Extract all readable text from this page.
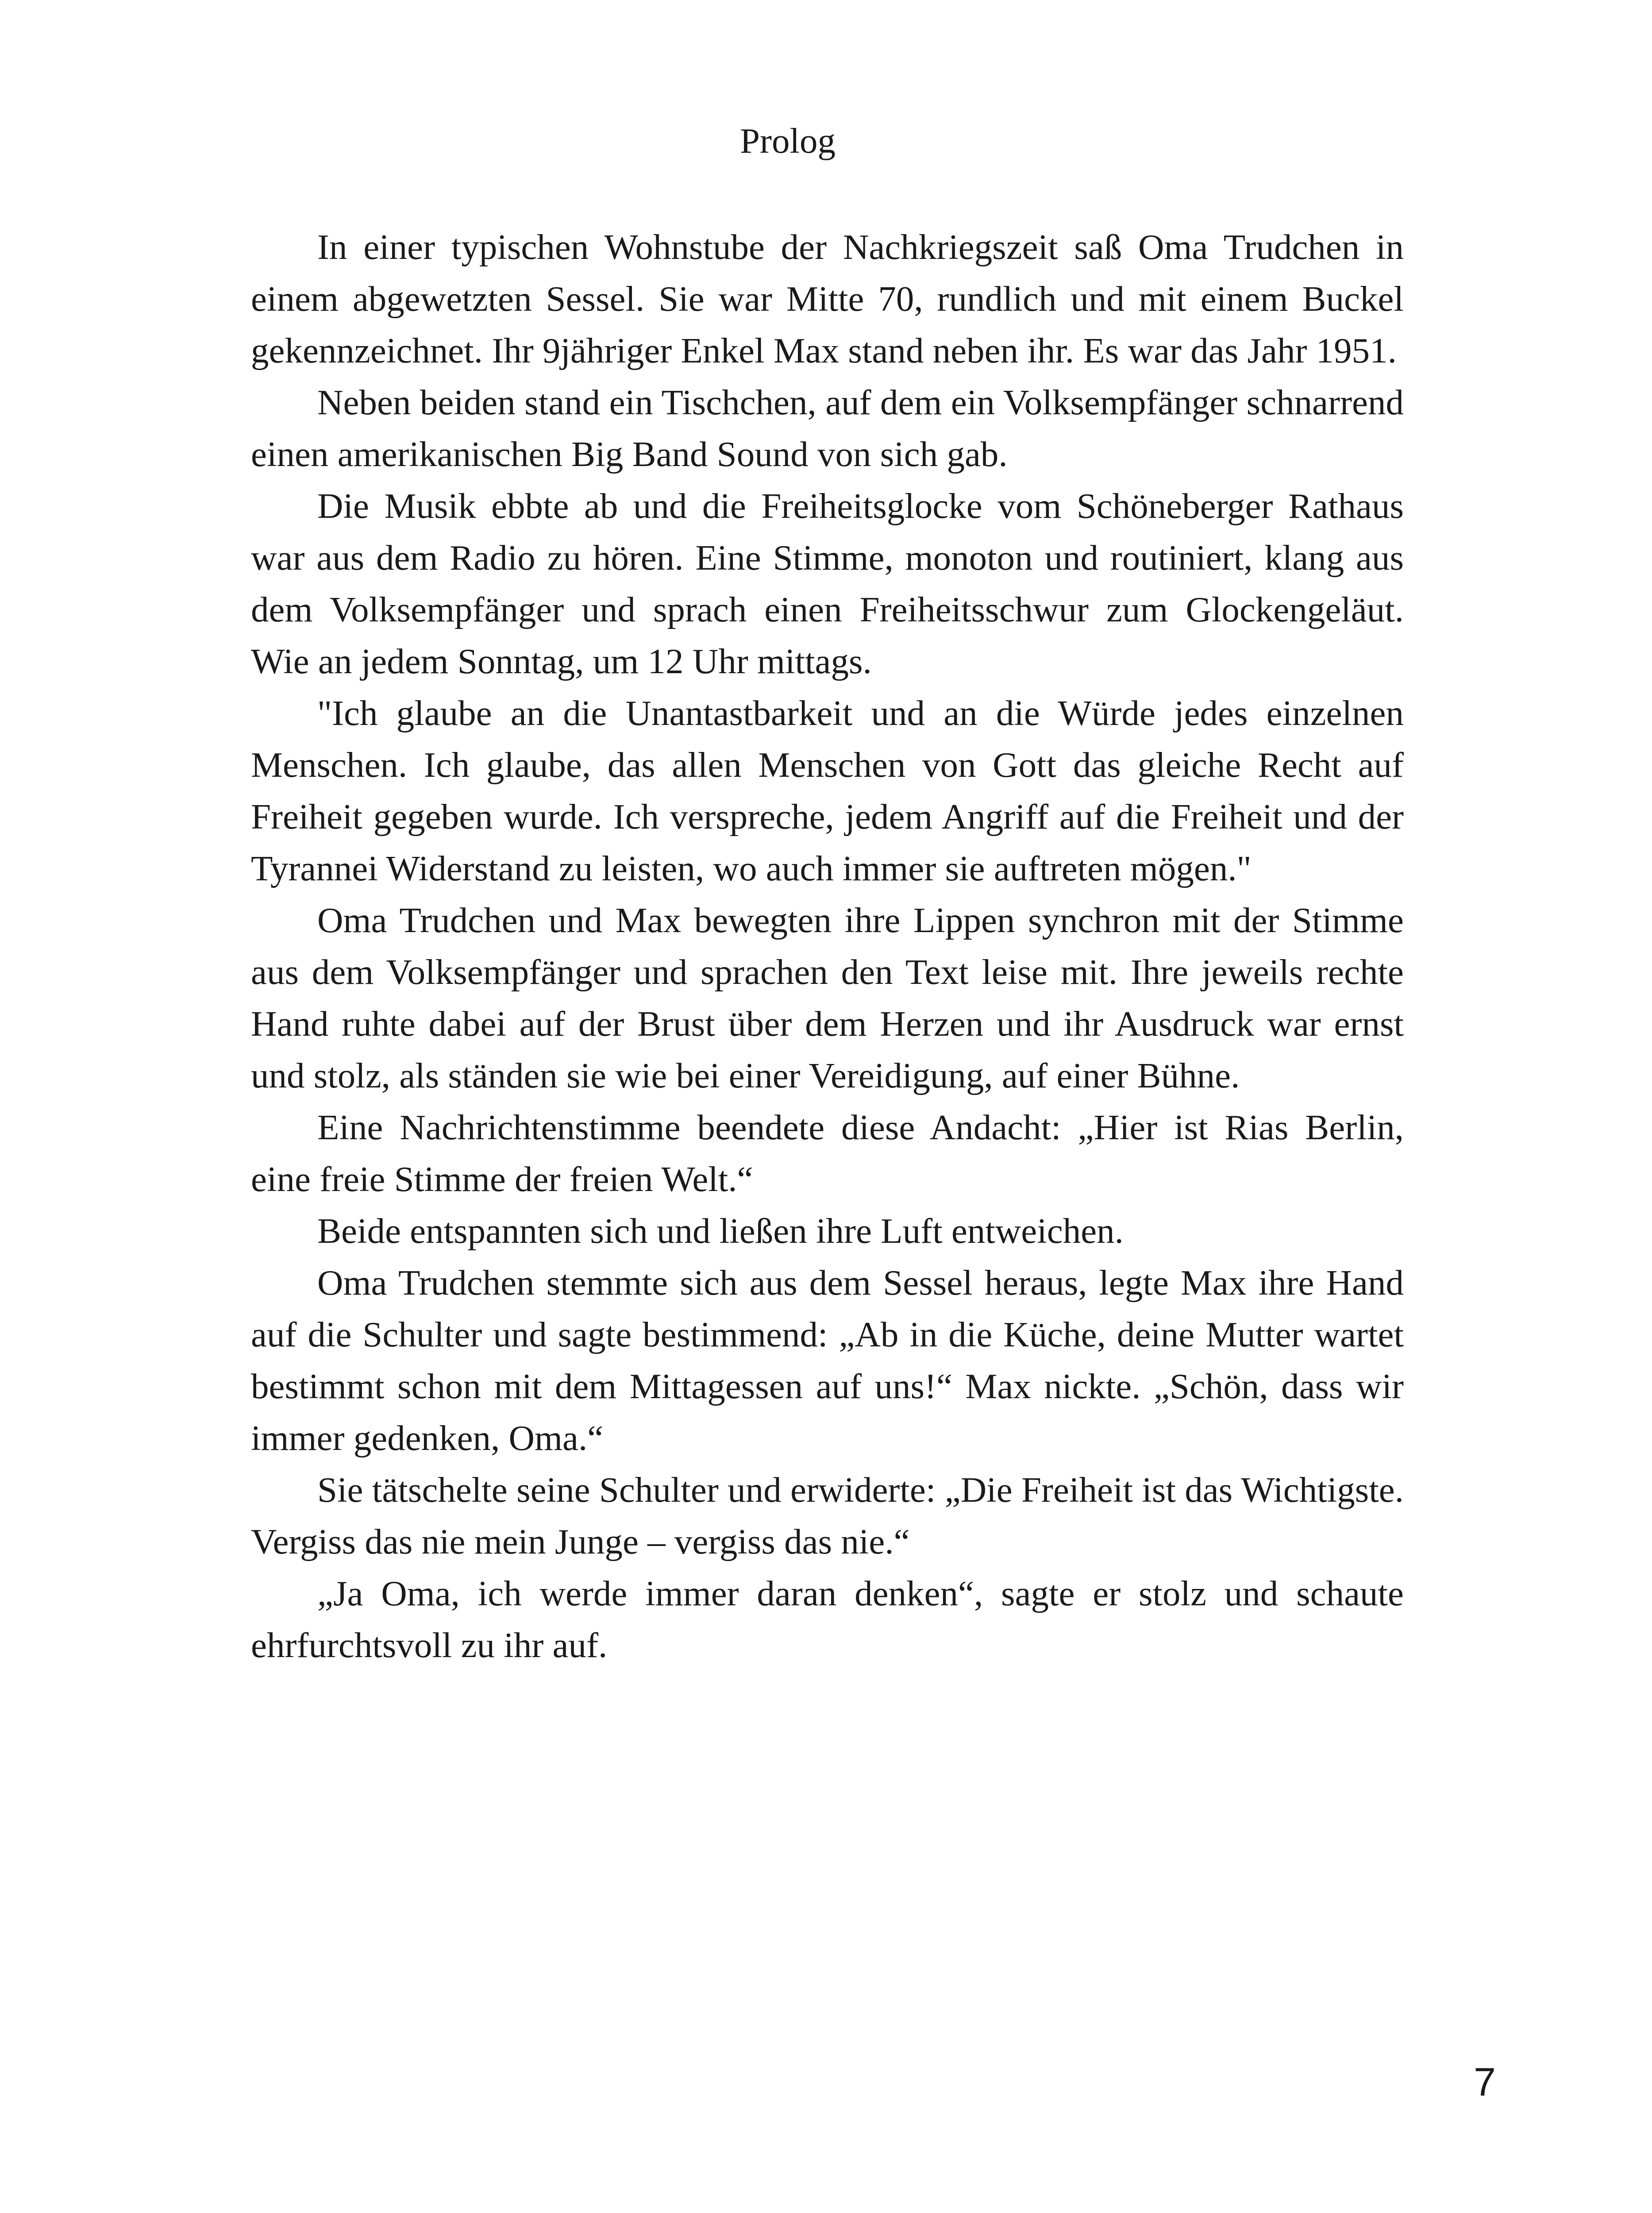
Prolog

In einer typischen Wohnstube der Nachkriegszeit saß Oma Trudchen in einem abgewetzten Sessel. Sie war Mitte 70, rundlich und mit einem Buckel gekennzeichnet. Ihr 9jähriger Enkel Max stand neben ihr. Es war das Jahr 1951.

Neben beiden stand ein Tischchen, auf dem ein Volksempfänger schnarrend einen amerikanischen Big Band Sound von sich gab.

Die Musik ebbte ab und die Freiheitsglocke vom Schöneberger Rathaus war aus dem Radio zu hören. Eine Stimme, monoton und routiniert, klang aus dem Volksempfänger und sprach einen Freiheitsschwur zum Glockengeläut. Wie an jedem Sonntag, um 12 Uhr mittags.

"Ich glaube an die Unantastbarkeit und an die Würde jedes einzelnen Menschen. Ich glaube, das allen Menschen von Gott das gleiche Recht auf Freiheit gegeben wurde. Ich verspreche, jedem Angriff auf die Freiheit und der Tyrannei Widerstand zu leisten, wo auch immer sie auftreten mögen."

Oma Trudchen und Max bewegten ihre Lippen synchron mit der Stimme aus dem Volksempfänger und sprachen den Text leise mit. Ihre jeweils rechte Hand ruhte dabei auf der Brust über dem Herzen und ihr Ausdruck war ernst und stolz, als ständen sie wie bei einer Vereidigung, auf einer Bühne.

Eine Nachrichtenstimme beendete diese Andacht: „Hier ist Rias Berlin, eine freie Stimme der freien Welt.“

Beide entspannten sich und ließen ihre Luft entweichen.

Oma Trudchen stemmte sich aus dem Sessel heraus, legte Max ihre Hand auf die Schulter und sagte bestimmend: „Ab in die Küche, deine Mutter wartet bestimmt schon mit dem Mittagessen auf uns!“ Max nickte. „Schön, dass wir immer gedenken, Oma.“

Sie tätschelte seine Schulter und erwiderte: „Die Freiheit ist das Wichtigste. Vergiss das nie mein Junge – vergiss das nie.“

„Ja Oma, ich werde immer daran denken“, sagte er stolz und schaute ehrfurchtsvoll zu ihr auf.

7
